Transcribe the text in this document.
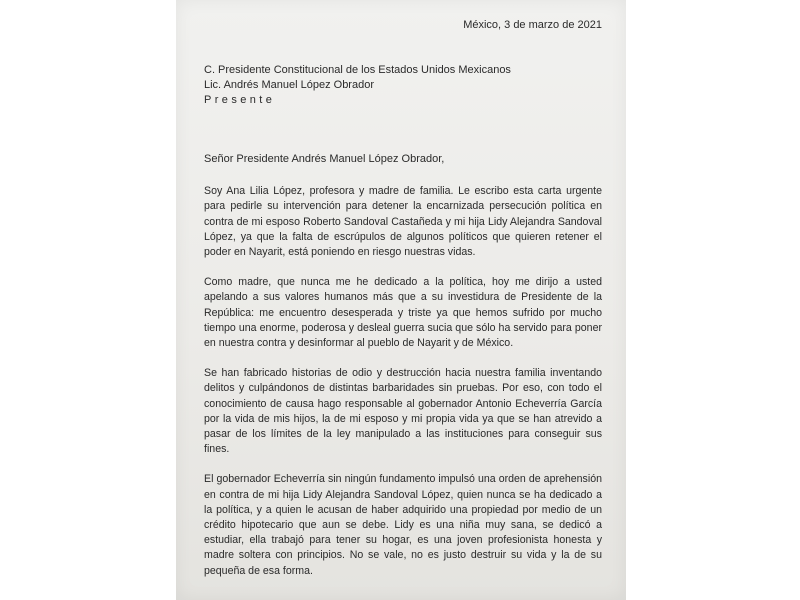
México, 3 de marzo de 2021
C. Presidente Constitucional de los Estados Unidos Mexicanos
Lic. Andrés Manuel López Obrador
Presente
Señor Presidente Andrés Manuel López Obrador,

Soy Ana Lilia López, profesora y madre de familia. Le escribo esta carta urgente para pedirle su intervención para detener la encarnizada persecución política en contra de mi esposo Roberto Sandoval Castañeda y mi hija Lidy Alejandra Sandoval López, ya que la falta de escrúpulos de algunos políticos que quieren retener el poder en Nayarit, está poniendo en riesgo nuestras vidas.

Como madre, que nunca me he dedicado a la política, hoy me dirijo a usted apelando a sus valores humanos más que a su investidura de Presidente de la República: me encuentro desesperada y triste ya que hemos sufrido por mucho tiempo una enorme, poderosa y desleal guerra sucia que sólo ha servido para poner en nuestra contra y desinformar al pueblo de Nayarit y de México.

Se han fabricado historias de odio y destrucción hacia nuestra familia inventando delitos y culpándonos de distintas barbaridades sin pruebas. Por eso, con todo el conocimiento de causa hago responsable al gobernador Antonio Echeverría García por la vida de mis hijos, la de mi esposo y mi propia vida ya que se han atrevido a pasar de los límites de la ley manipulado a las instituciones para conseguir sus fines.

El gobernador Echeverría sin ningún fundamento impulsó una orden de aprehensión en contra de mi hija Lidy Alejandra Sandoval López, quien nunca se ha dedicado a la política, y a quien le acusan de haber adquirido una propiedad por medio de un crédito hipotecario que aun se debe. Lidy es una niña muy sana, se dedicó a estudiar, ella trabajó para tener su hogar, es una joven profesionista honesta y madre soltera con principios. No se vale, no es justo destruir su vida y la de su pequeña de esa forma.
